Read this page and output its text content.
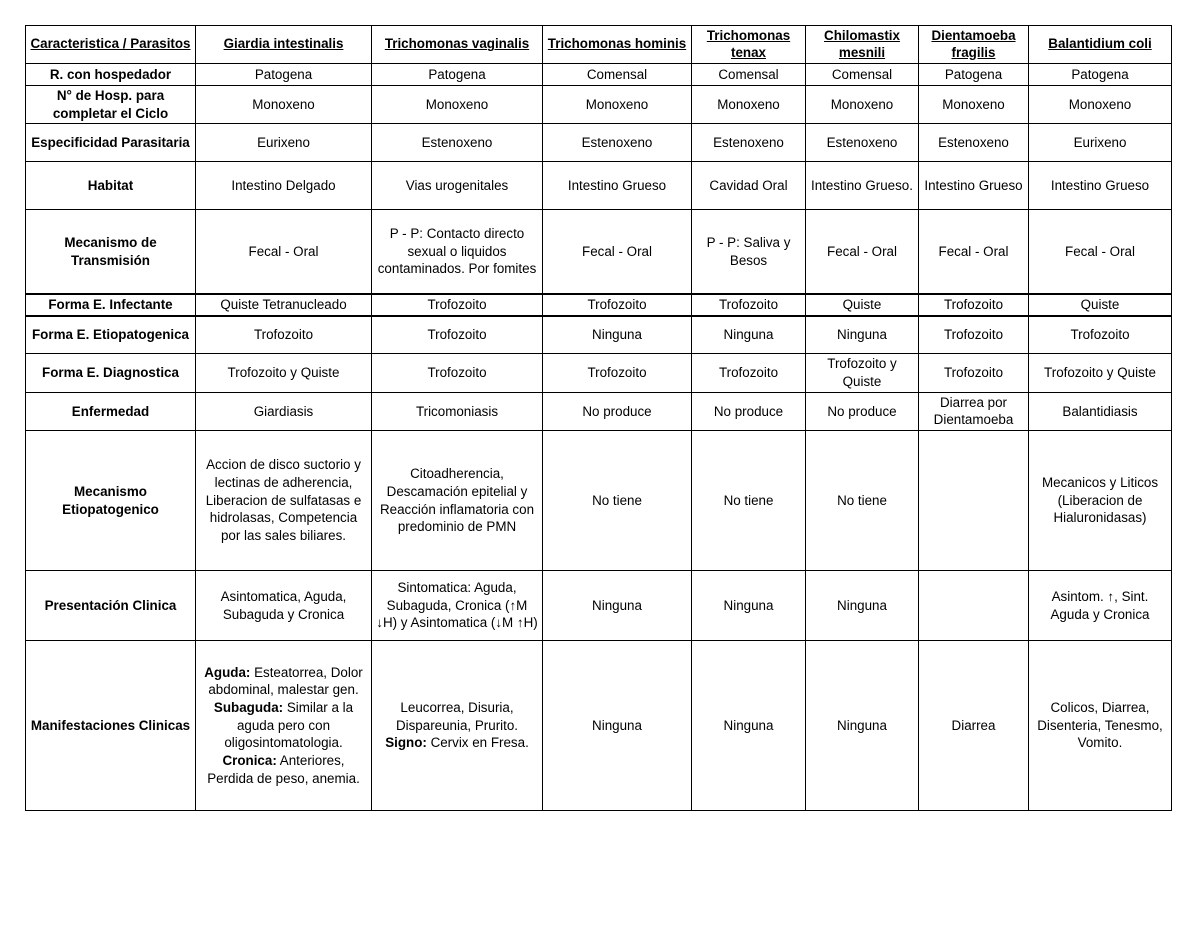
Caracteristica / Parasitos	Giardia intestinalis	Trichomonas vaginalis	Trichomonas hominis	Trichomonas tenax	Chilomastix mesnili	Dientamoeba fragilis	Balantidium coli
R. con hospedador	Patogena	Patogena	Comensal	Comensal	Comensal	Patogena	Patogena
N° de Hosp. para completar el Ciclo	Monoxeno	Monoxeno	Monoxeno	Monoxeno	Monoxeno	Monoxeno	Monoxeno
Especificidad Parasitaria	Eurixeno	Estenoxeno	Estenoxeno	Estenoxeno	Estenoxeno	Estenoxeno	Eurixeno
Habitat	Intestino Delgado	Vias urogenitales	Intestino Grueso	Cavidad Oral	Intestino Grueso.	Intestino Grueso	Intestino Grueso
Mecanismo de Transmisión	Fecal - Oral	P - P: Contacto directo sexual o liquidos contaminados. Por fomites	Fecal - Oral	P - P: Saliva y Besos	Fecal - Oral	Fecal - Oral	Fecal - Oral
Forma E. Infectante	Quiste Tetranucleado	Trofozoito	Trofozoito	Trofozoito	Quiste	Trofozoito	Quiste
Forma E. Etiopatogenica	Trofozoito	Trofozoito	Ninguna	Ninguna	Ninguna	Trofozoito	Trofozoito
Forma E. Diagnostica	Trofozoito y Quiste	Trofozoito	Trofozoito	Trofozoito	Trofozoito y Quiste	Trofozoito	Trofozoito y Quiste
Enfermedad	Giardiasis	Tricomoniasis	No produce	No produce	No produce	Diarrea por Dientamoeba	Balantidiasis
Mecanismo Etiopatogenico	Accion de disco suctorio y lectinas de adherencia, Liberacion de sulfatasas e hidrolasas, Competencia por las sales biliares.	Citoadherencia, Descamación epitelial y Reacción inflamatoria con predominio de PMN	No tiene	No tiene	No tiene		Mecanicos y Liticos (Liberacion de Hialuronidasas)
Presentación Clinica	Asintomatica, Aguda, Subaguda y Cronica	Sintomatica: Aguda, Subaguda, Cronica (↑M ↓H) y Asintomatica (↓M ↑H)	Ninguna	Ninguna	Ninguna		Asintom. ↑, Sint. Aguda y Cronica
Manifestaciones Clinicas	Aguda: Esteatorrea, Dolor abdominal, malestar gen. Subaguda: Similar a la aguda pero con oligosintomatologia. Cronica: Anteriores, Perdida de peso, anemia.	Leucorrea, Disuria, Dispareunia, Prurito. Signo: Cervix en Fresa.	Ninguna	Ninguna	Ninguna	Diarrea	Colicos, Diarrea, Disenteria, Tenesmo, Vomito.
